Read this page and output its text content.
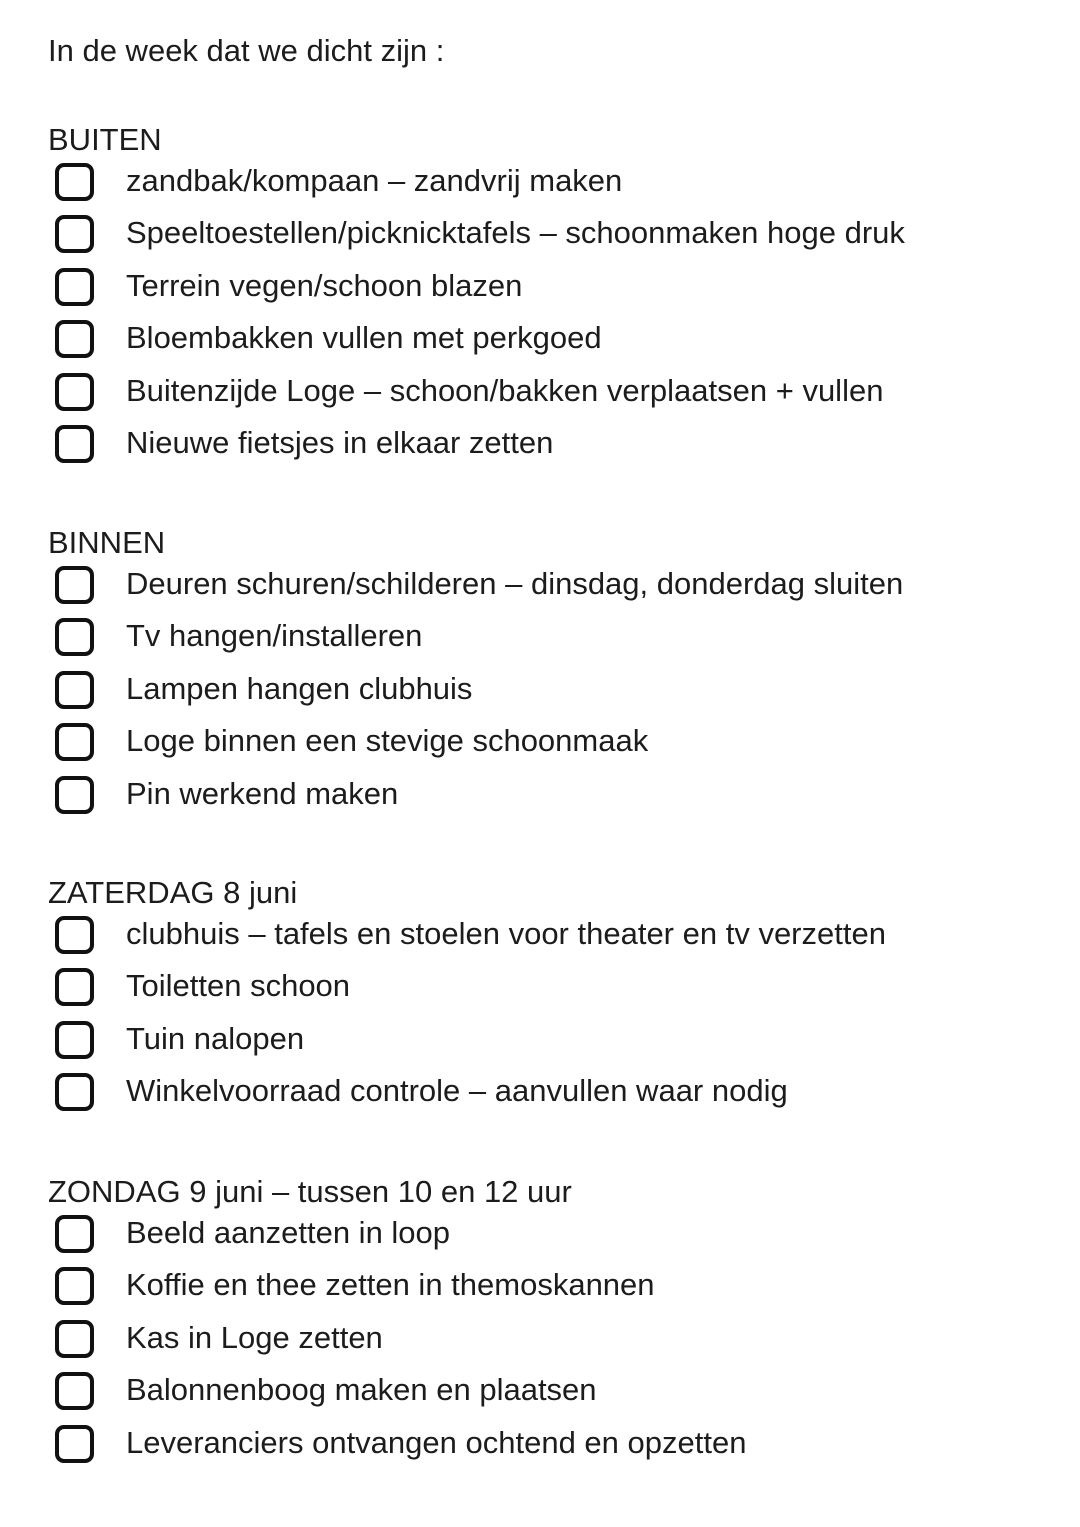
In de week dat we dicht zijn :
BUITEN
zandbak/kompaan – zandvrij maken
Speeltoestellen/picknicktafels – schoonmaken hoge druk
Terrein vegen/schoon blazen
Bloembakken vullen met perkgoed
Buitenzijde Loge – schoon/bakken verplaatsen + vullen
Nieuwe fietsjes in elkaar zetten
BINNEN
Deuren schuren/schilderen – dinsdag, donderdag sluiten
Tv hangen/installeren
Lampen hangen clubhuis
Loge binnen een stevige schoonmaak
Pin werkend maken
ZATERDAG 8 juni
clubhuis – tafels en stoelen voor theater en tv verzetten
Toiletten schoon
Tuin nalopen
Winkelvoorraad controle – aanvullen waar nodig
ZONDAG 9 juni – tussen 10 en 12 uur
Beeld aanzetten in loop
Koffie en thee zetten in themoskannen
Kas in Loge zetten
Balonnenboog maken en plaatsen
Leveranciers ontvangen ochtend en opzetten
